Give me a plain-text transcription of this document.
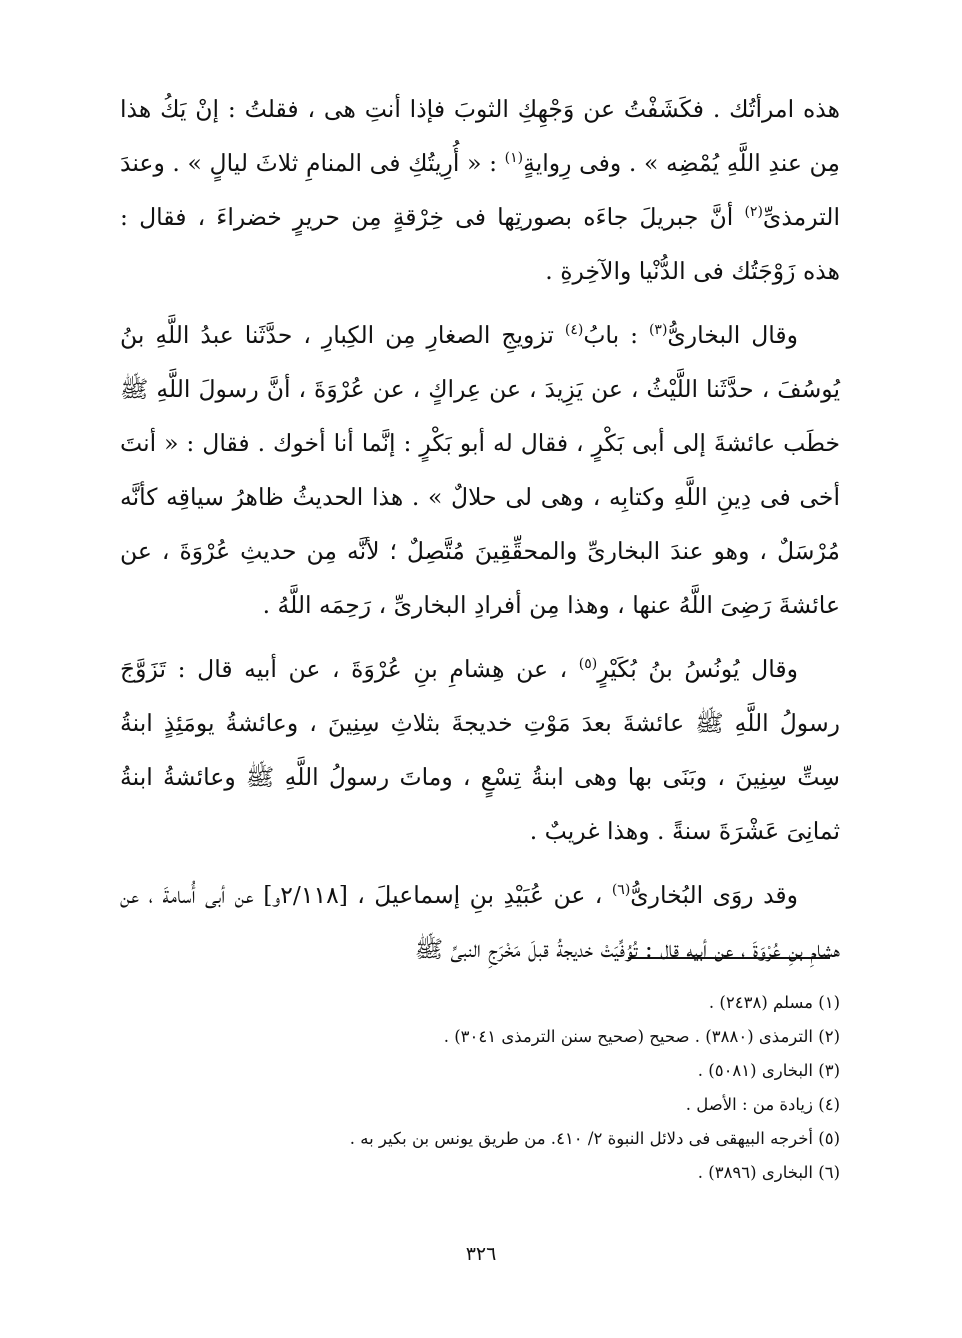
هذه امرأتُك . فكَشَفْتُ عن وَجْهِكِ الثوبَ فإذا أنتِ هى ، فقلتُ : إنْ يَكُ هذا مِن عندِ اللَّهِ يُمْضِه » . وفى رِوايةٍ$^{(١)}$ : « أُرِيتُكِ فى المنامِ ثلاثَ ليالٍ » . وعندَ الترمذىِّ$^{(٢)}$ أنَّ جبريلَ جاءَه بصورتِها فى خِرْقةٍ مِن حريرٍ خضراءَ ، فقال : هذه زَوْجَتُك فى الدُّنْيا والآخِرةِ .

وقال البخارىُّ$^{(٣)}$ : بابُ$^{(٤)}$ تزويجِ الصغارِ مِن الكِبارِ ، حدَّثَنا عبدُ اللَّهِ بنُ يُوسُفَ ، حدَّثَنا اللَّيْثُ ، عن يَزِيدَ ، عن عِراكٍ ، عن عُرْوَةَ ، أنَّ رسولَ اللَّهِ ﷺ خطَب عائشةَ إلى أبى بَكْرٍ ، فقال له أبو بَكْرٍ : إنَّما أنا أخوك . فقال : « أنتَ أخى فى دِينِ اللَّهِ وكتابِه ، وهى لى حلالٌ » . هذا الحديثُ ظاهرُ سياقِه كأنَّه مُرْسَلٌ ، وهو عندَ البخارىِّ والمحقِّقِينَ مُتَّصِلٌ ؛ لأنَّه مِن حديثِ عُرْوَةَ ، عن عائشةَ رَضِىَ اللَّهُ عنها ، وهذا مِن أفرادِ البخارىِّ ، رَحِمَه اللَّهُ .

وقال يُونُسُ بنُ بُكَيْرٍ$^{(٥)}$ ، عن هِشامِ بنِ عُرْوَةَ ، عن أبيه قال : تَزَوَّجَ رسولُ اللَّهِ ﷺ عائشةَ بعدَ مَوْتِ خديجةَ بثلاثِ سِنِينَ ، وعائشةُ يومَئِذٍ ابنةُ سِتِّ سِنِينَ ، وبَنَى بها وهى ابنةُ تِسْعٍ ، وماتَ رسولُ اللَّهِ ﷺ وعائشةُ ابنةُ ثمانِىَ عَشْرَةَ سنةً . وهذا غريبٌ .

وقد روَى البُخارىُّ$^{(٦)}$ ، عن عُبَيْدِ بنِ إسماعيلَ ، [٢/١١٨و] عن أبى أُسامةَ ، عن هشامِ بنِ عُرْوَةَ ، عن أبيه قال : تُوُفِّيَتْ خديجةُ قبلَ مَخْرَجِ النبىِّ ﷺ

(١) مسلم (٢٤٣٨) .
(٢) الترمذى (٣٨٨٠) . صحيح (صحيح سنن الترمذى ٣٠٤١) .
(٣) البخارى (٥٠٨١) .
(٤) زيادة من : الأصل .
(٥) أخرجه البيهقى فى دلائل النبوة ٢/ ٤١٠. من طريق يونس بن بكير به .
(٦) البخارى (٣٨٩٦) .
٣٢٦
